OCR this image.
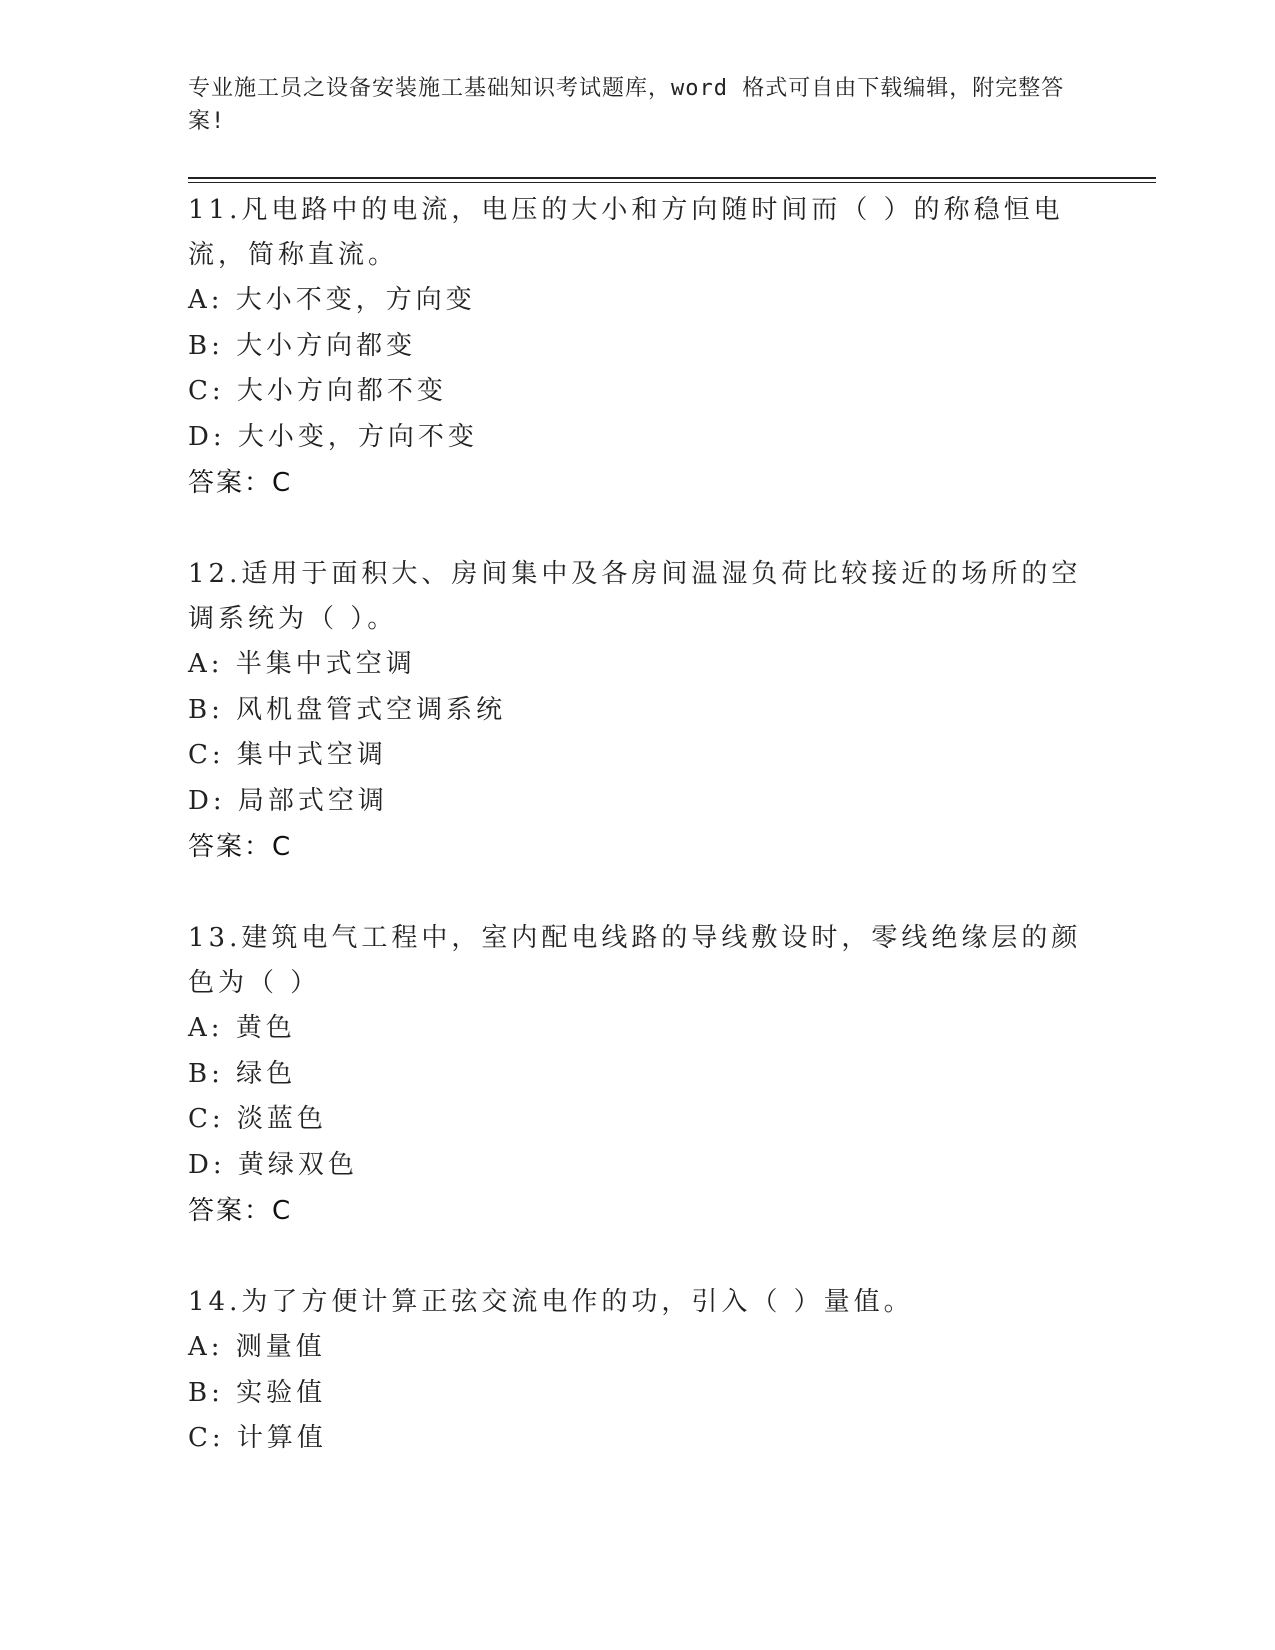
专业施工员之设备安装施工基础知识考试题库，word 格式可自由下载编辑，附完整答案!
11.凡电路中的电流，电压的大小和方向随时间而（ ）的称稳恒电流，简称直流。
A: 大小不变，方向变
B: 大小方向都变
C: 大小方向都不变
D: 大小变，方向不变
答案：C
12.适用于面积大、房间集中及各房间温湿负荷比较接近的场所的空调系统为（ ）。
A: 半集中式空调
B: 风机盘管式空调系统
C: 集中式空调
D: 局部式空调
答案：C
13.建筑电气工程中，室内配电线路的导线敷设时，零线绝缘层的颜色为（ ）
A: 黄色
B: 绿色
C: 淡蓝色
D: 黄绿双色
答案：C
14.为了方便计算正弦交流电作的功，引入（ ）量值。
A: 测量值
B: 实验值
C: 计算值
